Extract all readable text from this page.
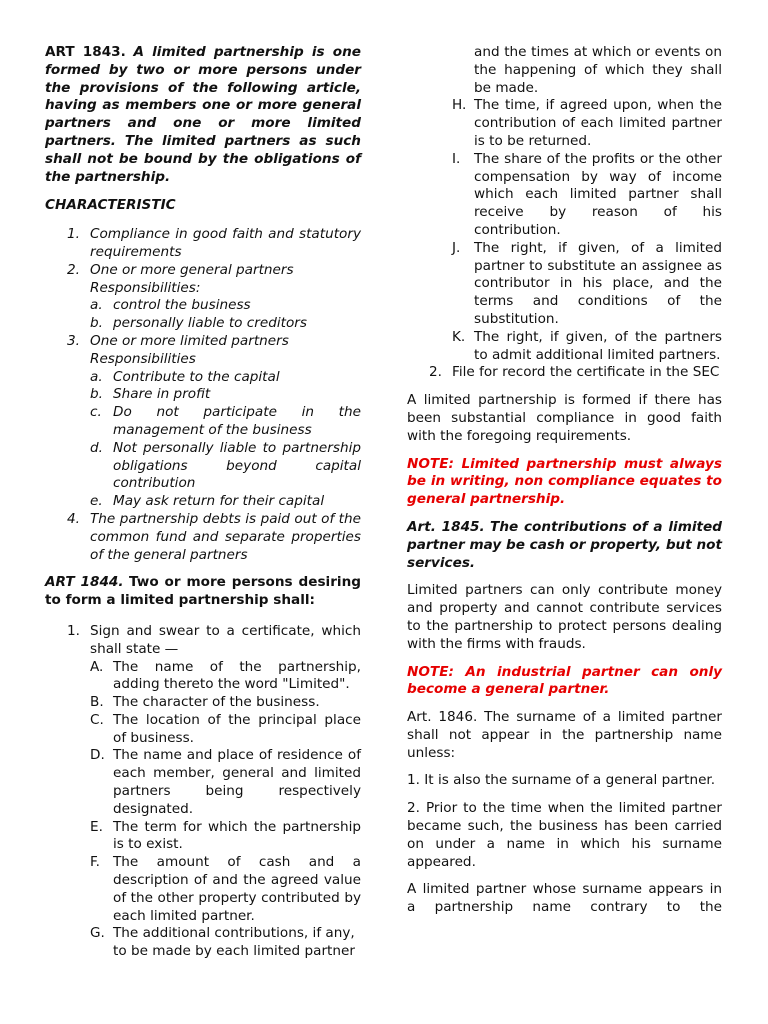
ART 1843. A limited partnership is one formed by two or more persons under the provisions of the following article, having as members one or more general partners and one or more limited partners. The limited partners as such shall not be bound by the obligations of the partnership.

CHARACTERISTIC

1. Compliance in good faith and statutory requirements
2. One or more general partners Responsibilities:
a. control the business
b. personally liable to creditors
3. One or more limited partners Responsibilities
a. Contribute to the capital
b. Share in profit
c. Do not participate in the management of the business
d. Not personally liable to partnership obligations beyond capital contribution
e. May ask return for their capital
4. The partnership debts is paid out of the common fund and separate properties of the general partners

ART 1844. Two or more persons desiring to form a limited partnership shall:

1. Sign and swear to a certificate, which shall state —
A. The name of the partnership, adding thereto the word "Limited".
B. The character of the business.
C. The location of the principal place of business.
D. The name and place of residence of each member, general and limited partners being respectively designated.
E. The term for which the partnership is to exist.
F. The amount of cash and a description of and the agreed value of the other property contributed by each limited partner.
G. The additional contributions, if any, to be made by each limited partner
and the times at which or events on the happening of which they shall be made.
H. The time, if agreed upon, when the contribution of each limited partner is to be returned.
I.	The share of the profits or the other compensation by way of income which each limited partner shall receive by reason of his contribution.
J.	The right, if given, of a limited partner to substitute an assignee as contributor in his place, and the terms and conditions of the substitution.
K. The right, if given, of the partners to admit additional limited partners.
2. File for record the certificate in the SEC

A limited partnership is formed if there has been substantial compliance in good faith with the foregoing requirements.

NOTE: Limited partnership must always be in writing, non compliance equates to general partnership.

Art. 1845. The contributions of a limited partner may be cash or property, but not services.

Limited partners can only contribute money and property and cannot contribute services to the partnership to protect persons dealing with the firms with frauds.

NOTE: An industrial partner can only become a general partner.

Art. 1846. The surname of a limited partner shall not appear in the partnership name unless:

1. It is also the surname of a general partner.

2. Prior to the time when the limited partner became such, the business has been carried on under a name in which his surname appeared.

A limited partner whose surname appears in a partnership name contrary to the
